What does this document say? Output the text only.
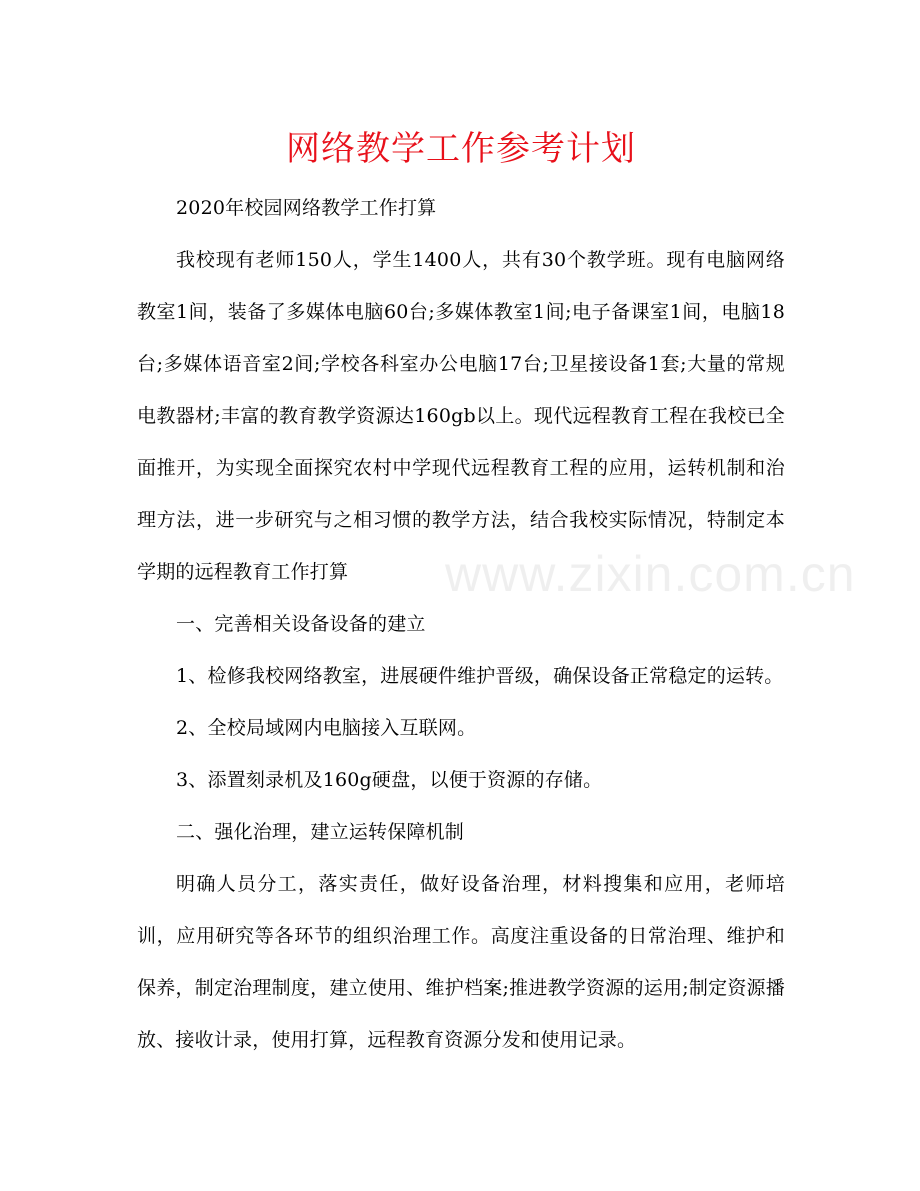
网络教学工作参考计划

2020年校园网络教学工作打算

我校现有老师150人，学生1400人，共有30个教学班。现有电脑网络教室1间，装备了多媒体电脑60台;多媒体教室1间;电子备课室1间，电脑18台;多媒体语音室2间;学校各科室办公电脑17台;卫星接设备1套;大量的常规电教器材;丰富的教育教学资源达160gb以上。现代远程教育工程在我校已全面推开，为实现全面探究农村中学现代远程教育工程的应用，运转机制和治理方法，进一步研究与之相习惯的教学方法，结合我校实际情况，特制定本学期的远程教育工作打算

一、完善相关设备设备的建立

1、检修我校网络教室，进展硬件维护晋级，确保设备正常稳定的运转。

2、全校局域网内电脑接入互联网。

3、添置刻录机及160g硬盘，以便于资源的存储。

二、强化治理，建立运转保障机制

明确人员分工，落实责任，做好设备治理，材料搜集和应用，老师培训，应用研究等各环节的组织治理工作。高度注重设备的日常治理、维护和保养，制定治理制度，建立使用、维护档案;推进教学资源的运用;制定资源播放、接收计录，使用打算，远程教育资源分发和使用记录。

www.zixin.com.cn
